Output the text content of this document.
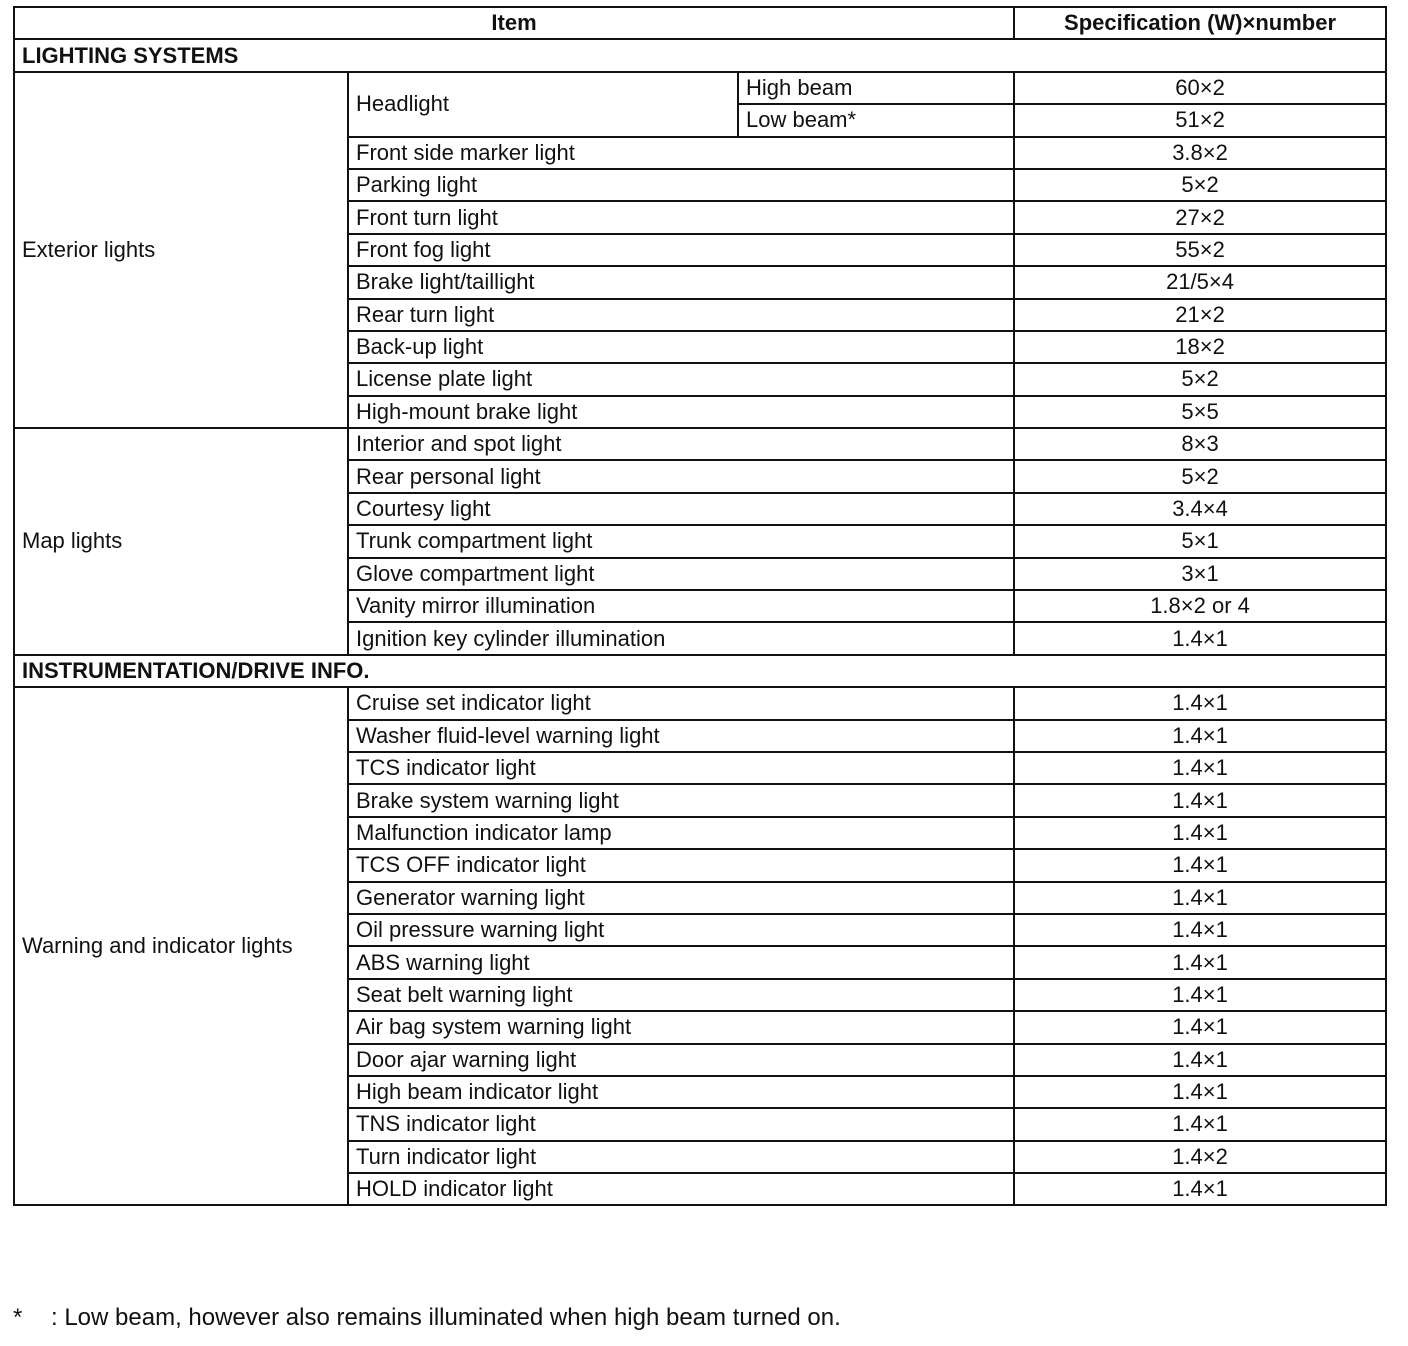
Item			Specification (W)×number
LIGHTING SYSTEMS			
Exterior lights	Headlight	High beam	60×2
		Low beam*	51×2
	Front side marker light		3.8×2
	Parking light		5×2
	Front turn light		27×2
	Front fog light		55×2
	Brake light/taillight		21/5×4
	Rear turn light		21×2
	Back-up light		18×2
	License plate light		5×2
	High-mount brake light		5×5
Map lights	Interior and spot light		8×3
	Rear personal light		5×2
	Courtesy light		3.4×4
	Trunk compartment light		5×1
	Glove compartment light		3×1
	Vanity mirror illumination		1.8×2 or 4
	Ignition key cylinder illumination		1.4×1
INSTRUMENTATION/DRIVE INFO.			
Warning and indicator lights	Cruise set indicator light		1.4×1
	Washer fluid-level warning light		1.4×1
	TCS indicator light		1.4×1
	Brake system warning light		1.4×1
	Malfunction indicator lamp		1.4×1
	TCS OFF indicator light		1.4×1
	Generator warning light		1.4×1
	Oil pressure warning light		1.4×1
	ABS warning light		1.4×1
	Seat belt warning light		1.4×1
	Air bag system warning light		1.4×1
	Door ajar warning light		1.4×1
	High beam indicator light		1.4×1
	TNS indicator light		1.4×1
	Turn indicator light		1.4×2
	HOLD indicator light		1.4×1
* : Low beam, however also remains illuminated when high beam turned on.
